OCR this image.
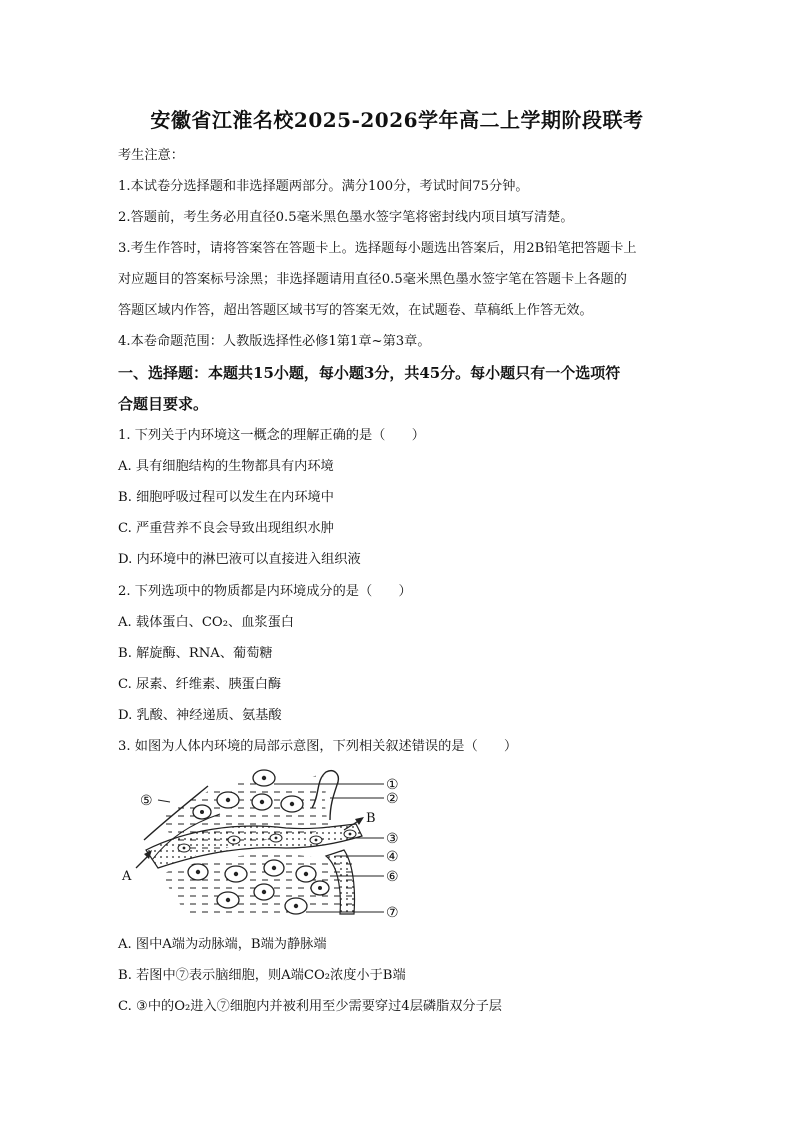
安徽省江淮名校2025-2026学年高二上学期阶段联考
考生注意：
1.本试卷分选择题和非选择题两部分。满分100分，考试时间75分钟。
2.答题前，考生务必用直径0.5毫米黑色墨水签字笔将密封线内项目填写清楚。
3.考生作答时，请将答案答在答题卡上。选择题每小题选出答案后，用2B铅笔把答题卡上
对应题目的答案标号涂黑；非选择题请用直径0.5毫米黑色墨水签字笔在答题卡上各题的
答题区域内作答，超出答题区域书写的答案无效，在试题卷、草稿纸上作答无效。
4.本卷命题范围：人教版选择性必修1第1章~第3章。
一、选择题：本题共15小题，每小题3分，共45分。每小题只有一个选项符
合题目要求。
1. 下列关于内环境这一概念的理解正确的是（　　）
A. 具有细胞结构的生物都具有内环境
B. 细胞呼吸过程可以发生在内环境中
C. 严重营养不良会导致出现组织水肿
D. 内环境中的淋巴液可以直接进入组织液
2. 下列选项中的物质都是内环境成分的是（　　）
A. 载体蛋白、CO₂、血浆蛋白
B. 解旋酶、RNA、葡萄糖
C. 尿素、纤维素、胰蛋白酶
D. 乳酸、神经递质、氨基酸
3. 如图为人体内环境的局部示意图，下列相关叙述错误的是（　　）
①
②
③
④
⑤
⑥
⑦
A
B
A. 图中A端为动脉端，B端为静脉端
B. 若图中⑦表示脑细胞，则A端CO₂浓度小于B端
C. ③中的O₂进入⑦细胞内并被利用至少需要穿过4层磷脂双分子层
